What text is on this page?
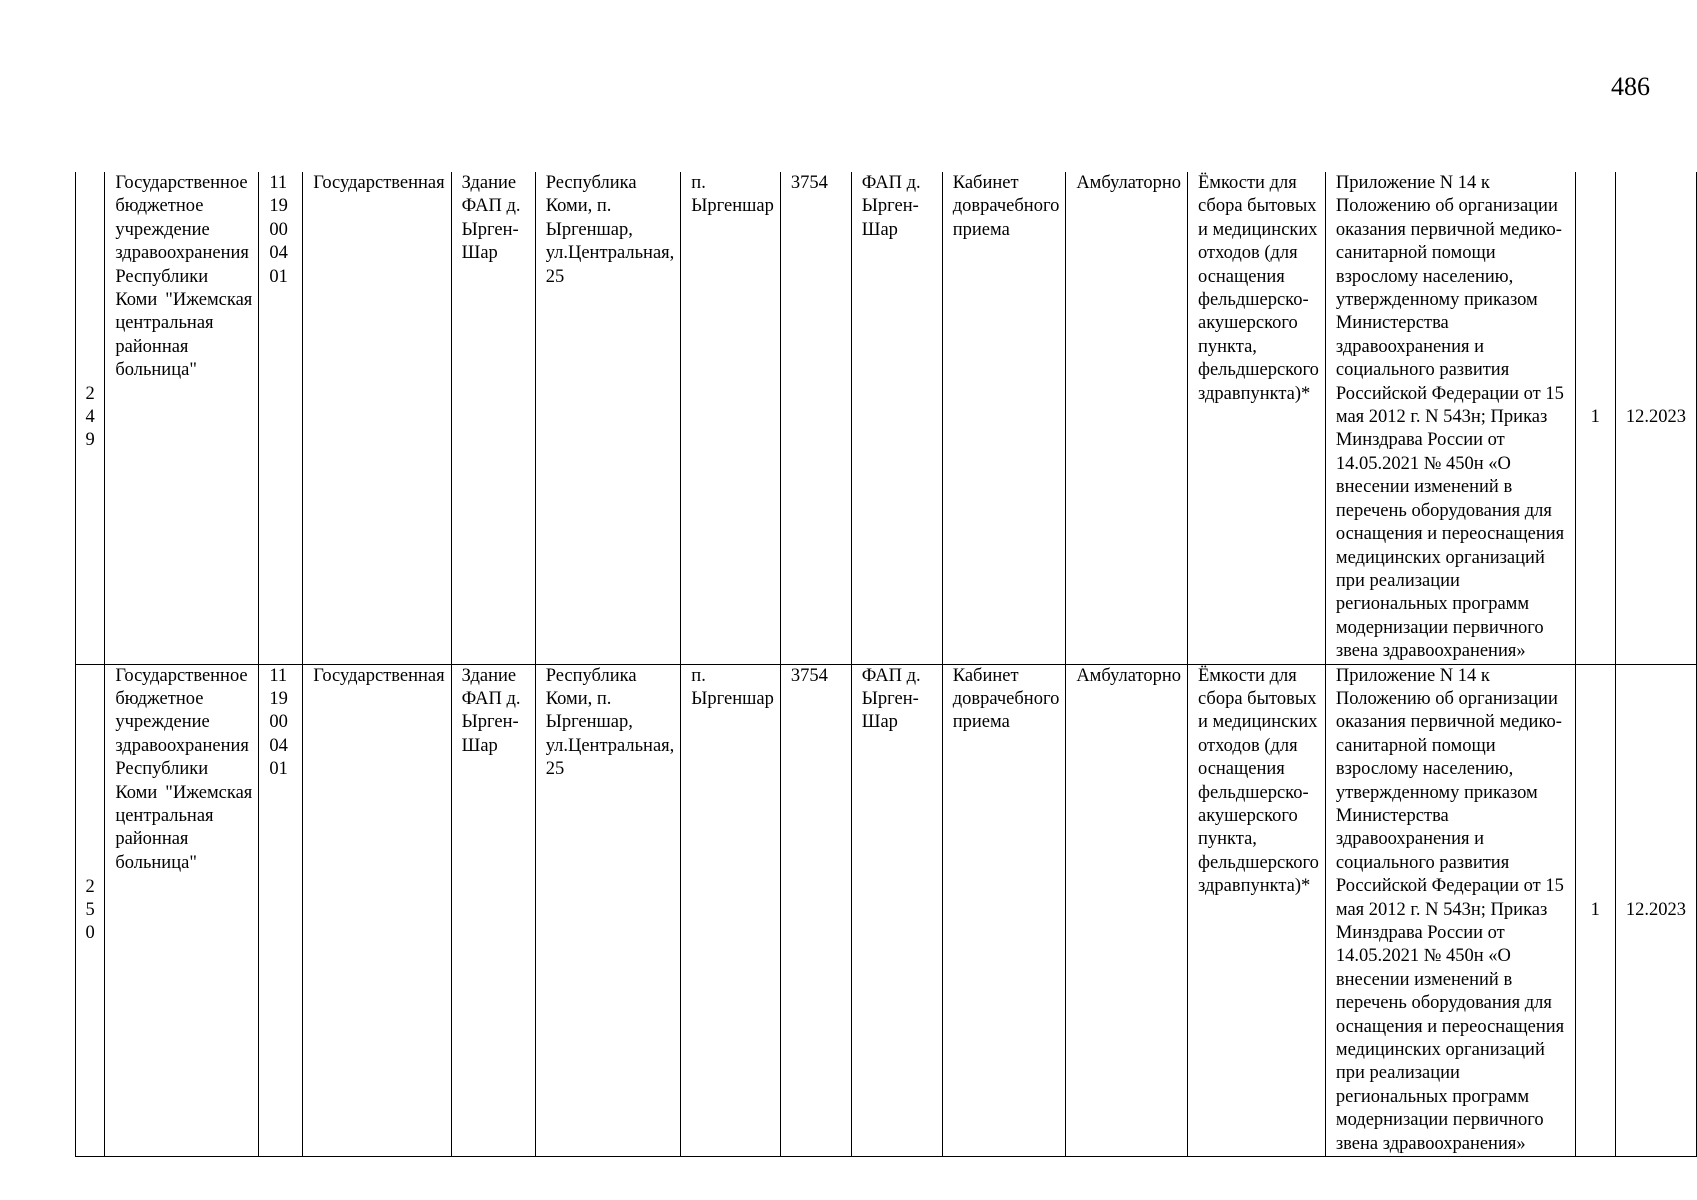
486
249	Государственное бюджетное учреждение здравоохранения Республики Коми "Ижемская центральная районная больница"	11 19 00 04 01	Государственная	Здание ФАП д. Ырген-Шар	Республика Коми, п. Ыргеншар, ул.Центральная, 25	п. Ыргеншар	3754	ФАП д. Ырген-Шар	Кабинет доврачебного приема	Амбулаторно	Ёмкости для сбора бытовых и медицинских отходов (для оснащения фельдшерско-акушерского пункта, фельдшерского здравпункта)*	Приложение N 14 к Положению об организации оказания первичной медико-санитарной помощи взрослому населению, утвержденному приказом Министерства здравоохранения и социального развития Российской Федерации от 15 мая 2012 г. N 543н; Приказ Минздрава России от 14.05.2021 № 450н «О внесении изменений в перечень оборудования для оснащения и переоснащения медицинских организаций при реализации региональных программ модернизации первичного звена здравоохранения»	1	12.2023
250	Государственное бюджетное учреждение здравоохранения Республики Коми "Ижемская центральная районная больница"	11 19 00 04 01	Государственная	Здание ФАП д. Ырген-Шар	Республика Коми, п. Ыргеншар, ул.Центральная, 25	п. Ыргеншар	3754	ФАП д. Ырген-Шар	Кабинет доврачебного приема	Амбулаторно	Ёмкости для сбора бытовых и медицинских отходов (для оснащения фельдшерско-акушерского пункта, фельдшерского здравпункта)*	Приложение N 14 к Положению об организации оказания первичной медико-санитарной помощи взрослому населению, утвержденному приказом Министерства здравоохранения и социального развития Российской Федерации от 15 мая 2012 г. N 543н; Приказ Минздрава России от 14.05.2021 № 450н «О внесении изменений в перечень оборудования для оснащения и переоснащения медицинских организаций при реализации региональных программ модернизации первичного звена здравоохранения»	1	12.2023
